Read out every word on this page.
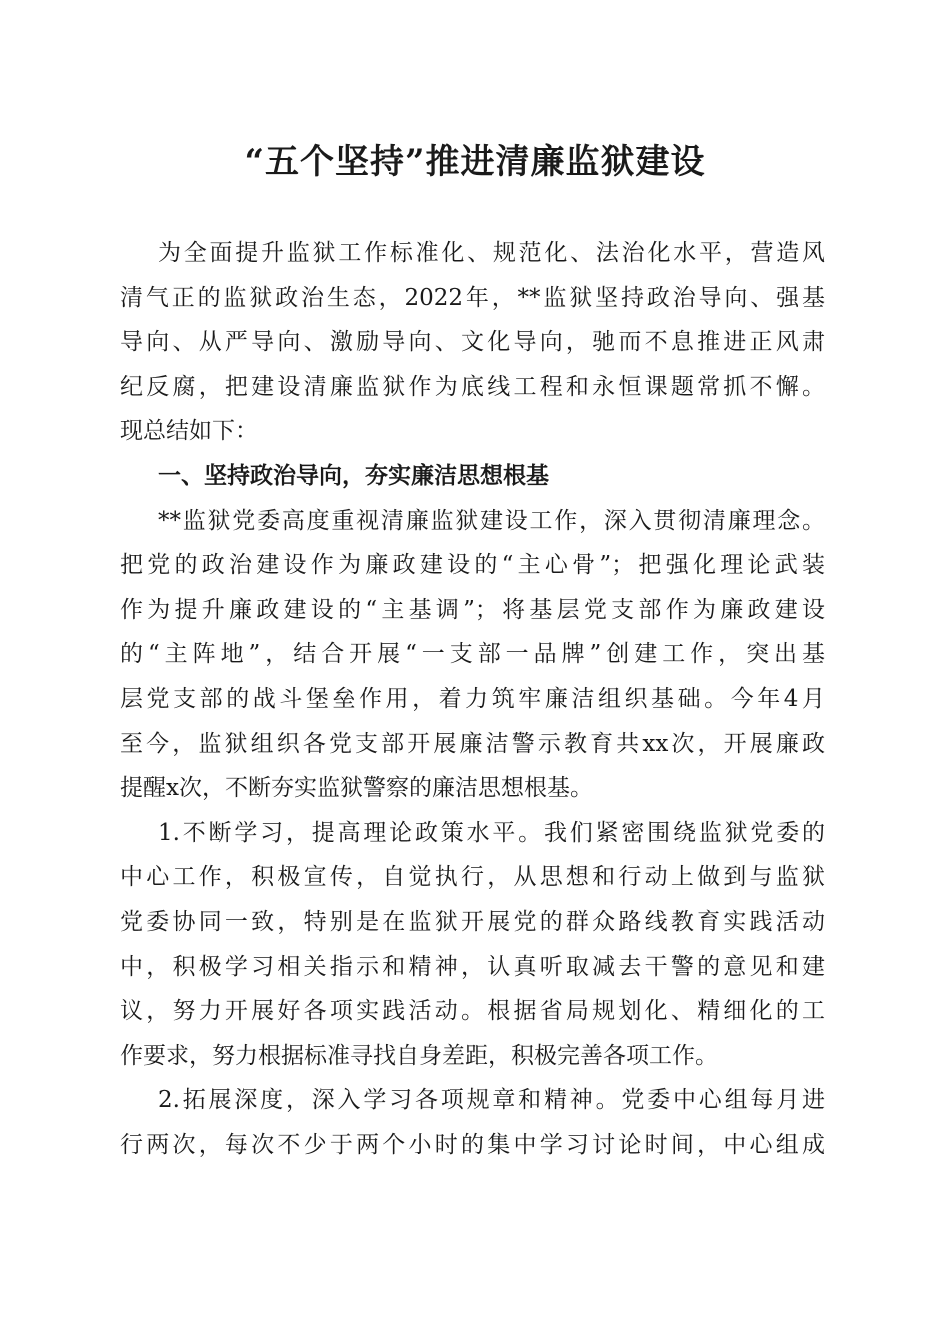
“五个坚持”推进清廉监狱建设
为全面提升监狱工作标准化、规范化、法治化水平，营造风
清气正的监狱政治生态，2022年，**监狱坚持政治导向、强基
导向、从严导向、激励导向、文化导向，驰而不息推进正风肃
纪反腐，把建设清廉监狱作为底线工程和永恒课题常抓不懈。
现总结如下：
一、坚持政治导向，夯实廉洁思想根基
**监狱党委高度重视清廉监狱建设工作，深入贯彻清廉理念。
把党的政治建设作为廉政建设的“主心骨”；把强化理论武装
作为提升廉政建设的“主基调”；将基层党支部作为廉政建设
的“主阵地”，结合开展“一支部一品牌”创建工作，突出基
层党支部的战斗堡垒作用，着力筑牢廉洁组织基础。今年4月
至今，监狱组织各党支部开展廉洁警示教育共xx次，开展廉政
提醒x次，不断夯实监狱警察的廉洁思想根基。
1.不断学习，提高理论政策水平。我们紧密围绕监狱党委的
中心工作，积极宣传，自觉执行，从思想和行动上做到与监狱
党委协同一致，特别是在监狱开展党的群众路线教育实践活动
中，积极学习相关指示和精神，认真听取减去干警的意见和建
议，努力开展好各项实践活动。根据省局规划化、精细化的工
作要求，努力根据标准寻找自身差距，积极完善各项工作。
2.拓展深度，深入学习各项规章和精神。党委中心组每月进
行两次，每次不少于两个小时的集中学习讨论时间，中心组成
